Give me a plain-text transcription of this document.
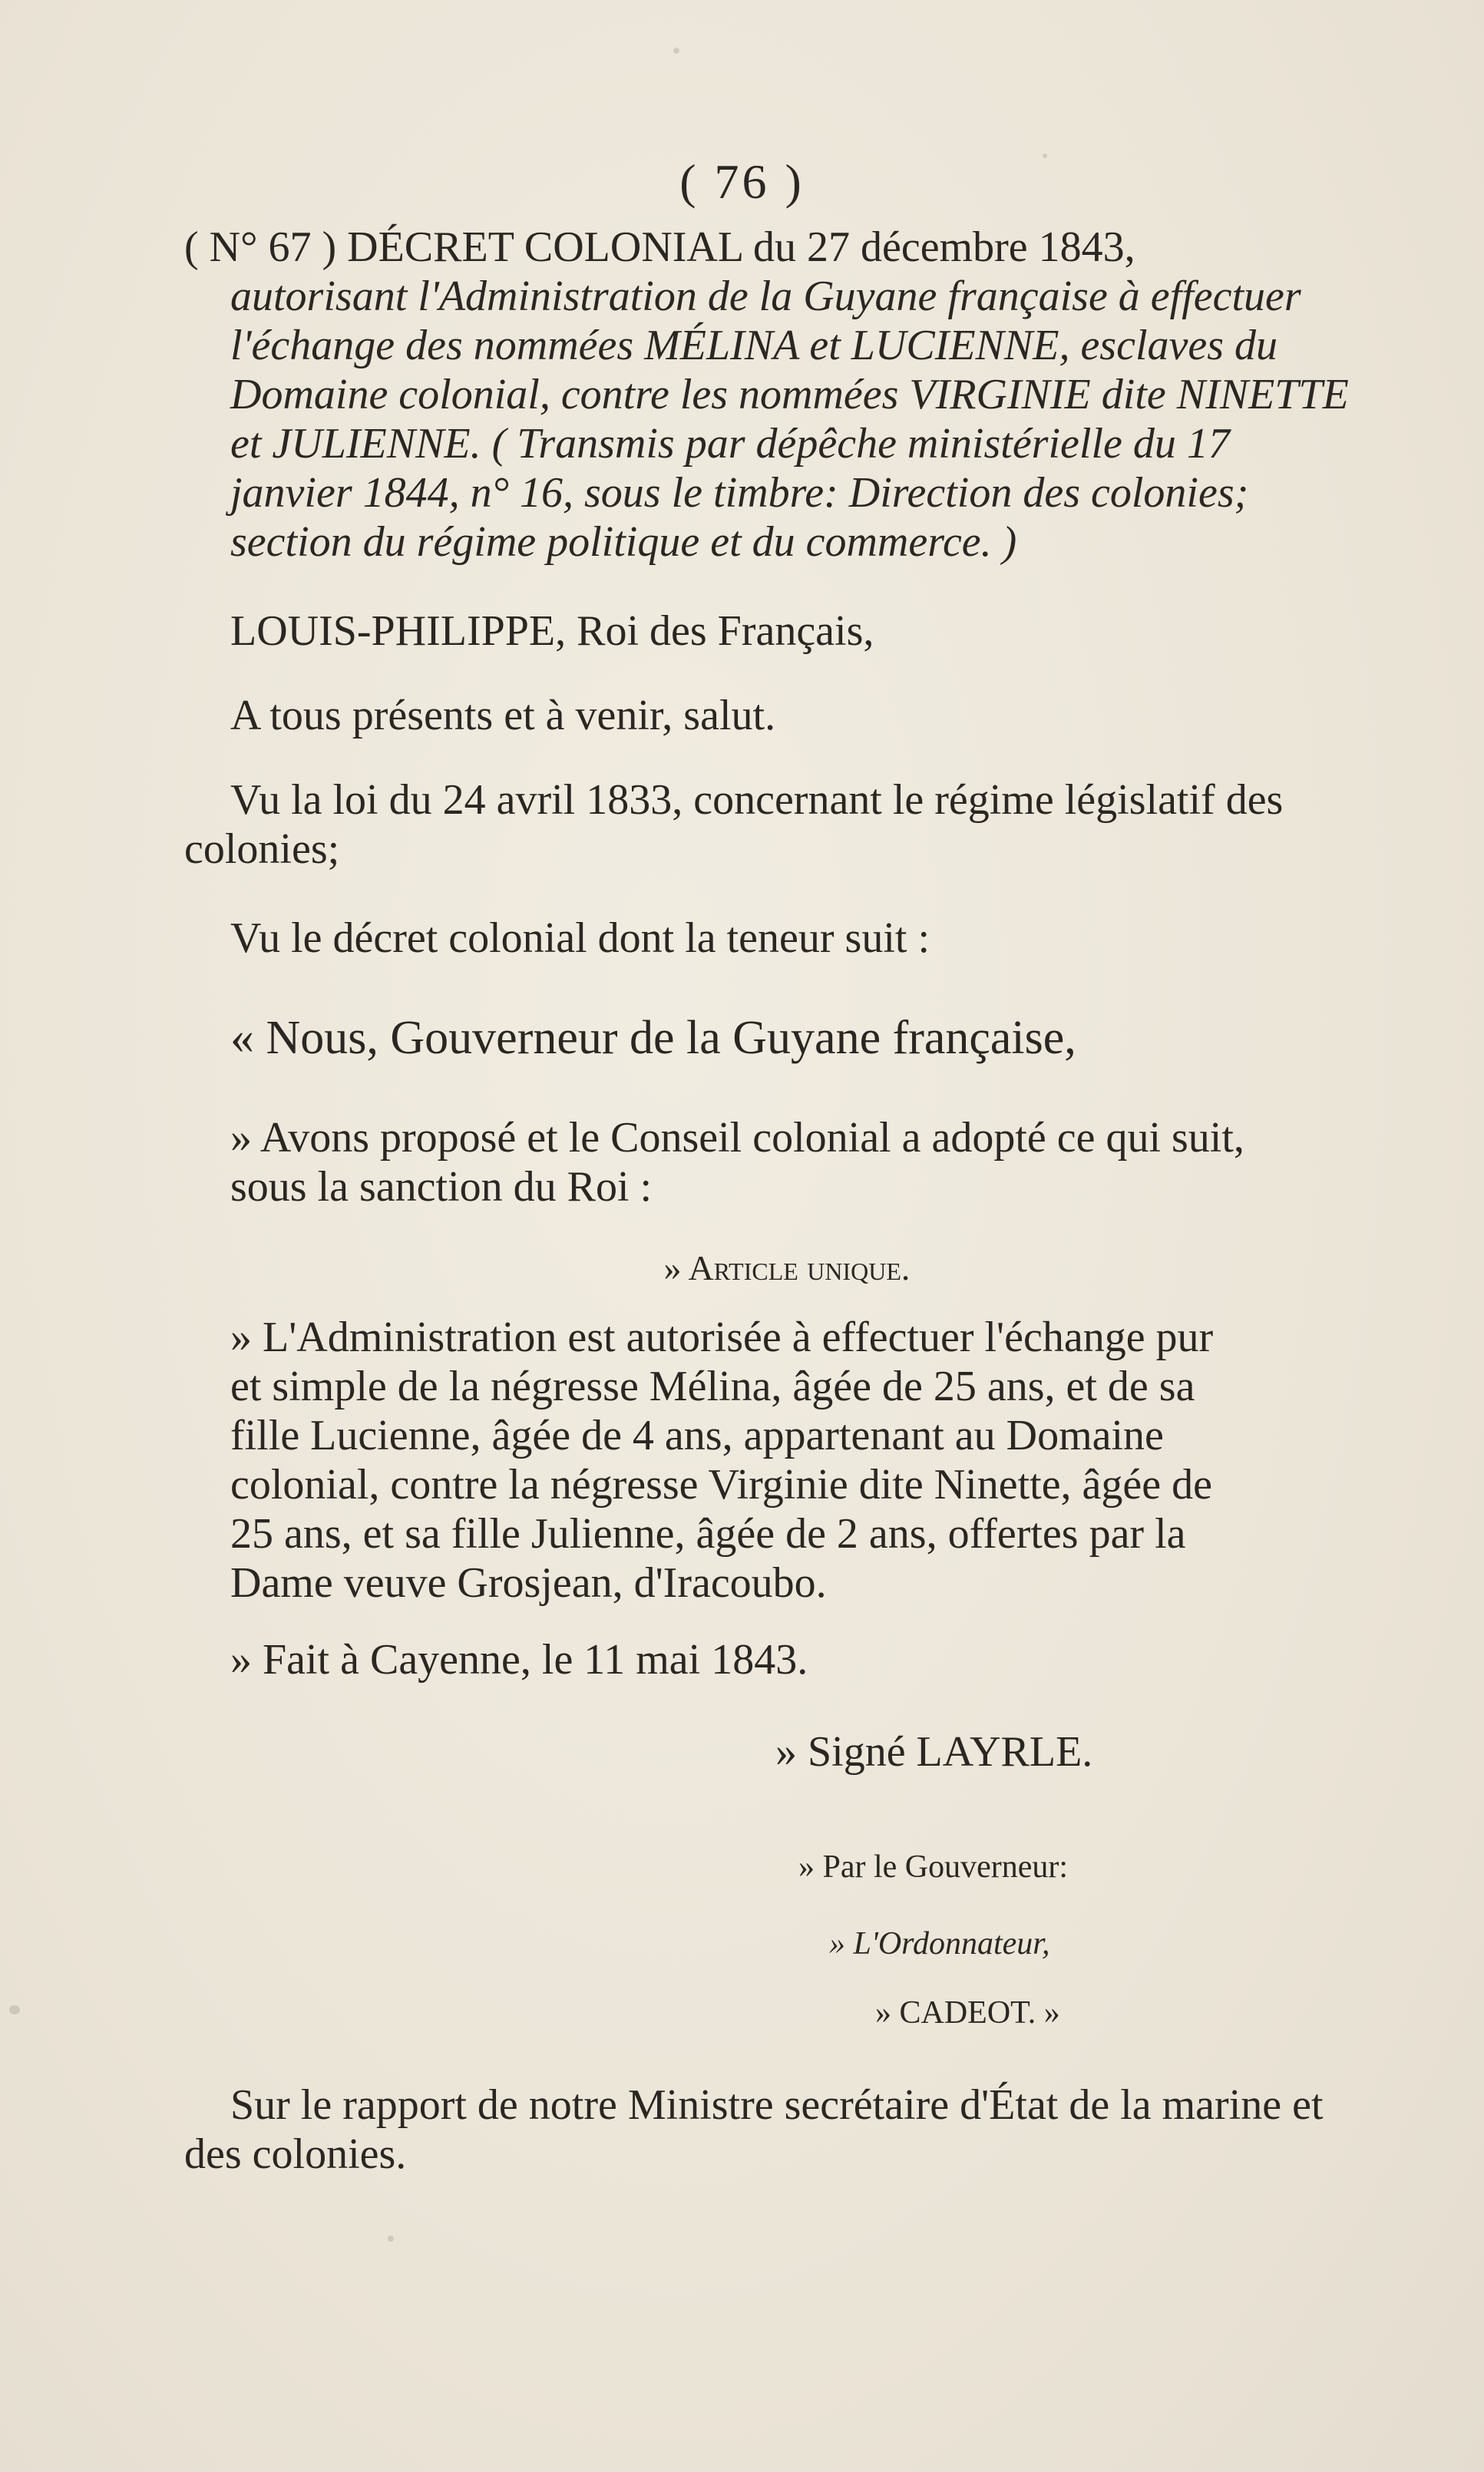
( 76 )
( N° 67 ) DÉCRET COLONIAL du 27 décembre 1843,
autorisant l'Administration de la Guyane française à effectuer
l'échange des nommées MÉLINA et LUCIENNE, esclaves du
Domaine colonial, contre les nommées VIRGINIE dite NINETTE
et JULIENNE. ( Transmis par dépêche ministérielle du 17
janvier 1844, n° 16, sous le timbre: Direction des colonies;
section du régime politique et du commerce. )
LOUIS-PHILIPPE, Roi des Français,
A tous présents et à venir, salut.
Vu la loi du 24 avril 1833, concernant le régime législatif des colonies;
Vu le décret colonial dont la teneur suit :
« Nous, Gouverneur de la Guyane française,
» Avons proposé et le Conseil colonial a adopté ce qui suit,
sous la sanction du Roi :
» Article unique.
» L'Administration est autorisée à effectuer l'échange pur
et simple de la négresse Mélina, âgée de 25 ans, et de sa
fille Lucienne, âgée de 4 ans, appartenant au Domaine
colonial, contre la négresse Virginie dite Ninette, âgée de
25 ans, et sa fille Julienne, âgée de 2 ans, offertes par la
Dame veuve Grosjean, d'Iracoubo.
» Fait à Cayenne, le 11 mai 1843.
» Signé LAYRLE.
» Par le Gouverneur:
» L'Ordonnateur,
» CADEOT. »
Sur le rapport de notre Ministre secrétaire d'État de la marine et des colonies.
